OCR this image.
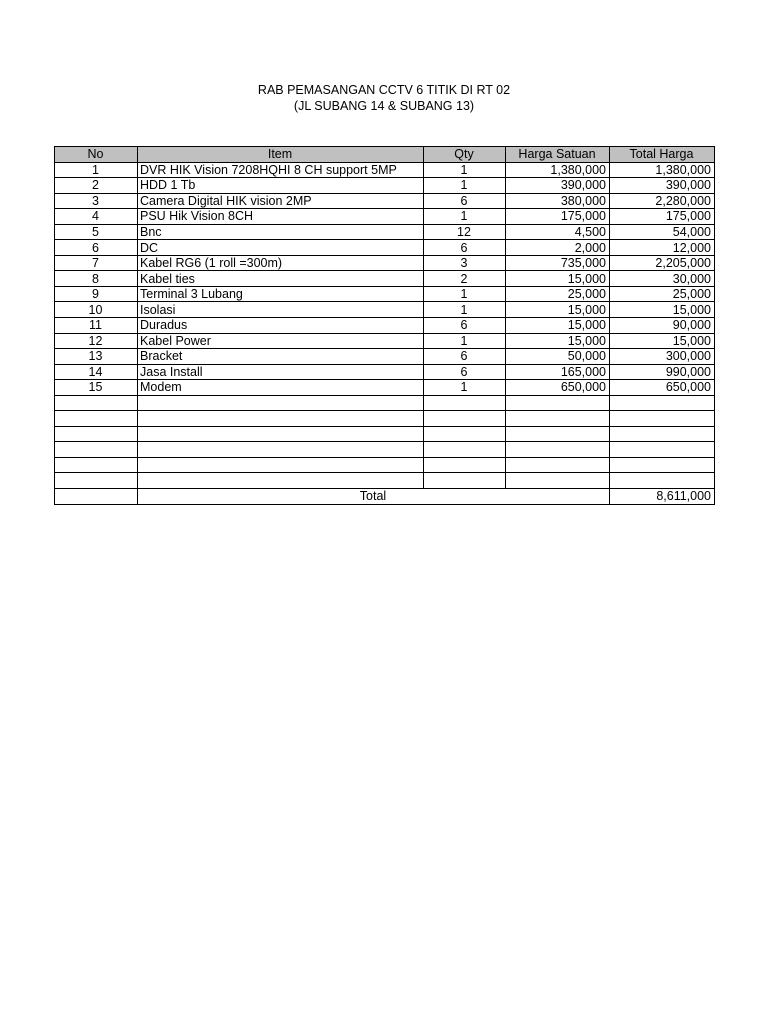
RAB PEMASANGAN CCTV 6 TITIK DI RT 02
(JL SUBANG 14 & SUBANG 13)
No	Item	Qty	Harga Satuan	Total Harga
1	DVR HIK Vision 7208HQHI 8 CH support 5MP	1	1,380,000	1,380,000
2	HDD 1 Tb	1	390,000	390,000
3	Camera Digital HIK vision 2MP	6	380,000	2,280,000
4	PSU Hik Vision 8CH	1	175,000	175,000
5	Bnc	12	4,500	54,000
6	DC	6	2,000	12,000
7	Kabel RG6 (1 roll =300m)	3	735,000	2,205,000
8	Kabel ties	2	15,000	30,000
9	Terminal 3 Lubang	1	25,000	25,000
10	Isolasi	1	15,000	15,000
11	Duradus	6	15,000	90,000
12	Kabel Power	1	15,000	15,000
13	Bracket	6	50,000	300,000
14	Jasa Install	6	165,000	990,000
15	Modem	1	650,000	650,000

	Total			8,611,000
